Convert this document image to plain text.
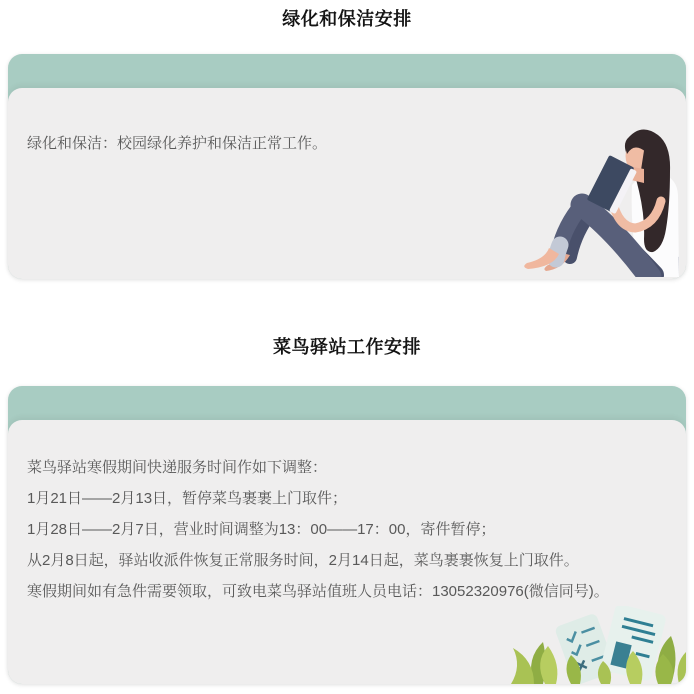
绿化和保洁安排

绿化和保洁：校园绿化养护和保洁正常工作。

菜鸟驿站工作安排

菜鸟驿站寒假期间快递服务时间作如下调整：

1月21日——2月13日，暂停菜鸟裹裹上门取件；

1月28日——2月7日，营业时间调整为13：00——17：00，寄件暂停；

从2月8日起，驿站收派件恢复正常服务时间，2月14日起，菜鸟裹裹恢复上门取件。

寒假期间如有急件需要领取，可致电菜鸟驿站值班人员电话：13052320976(微信同号)。
